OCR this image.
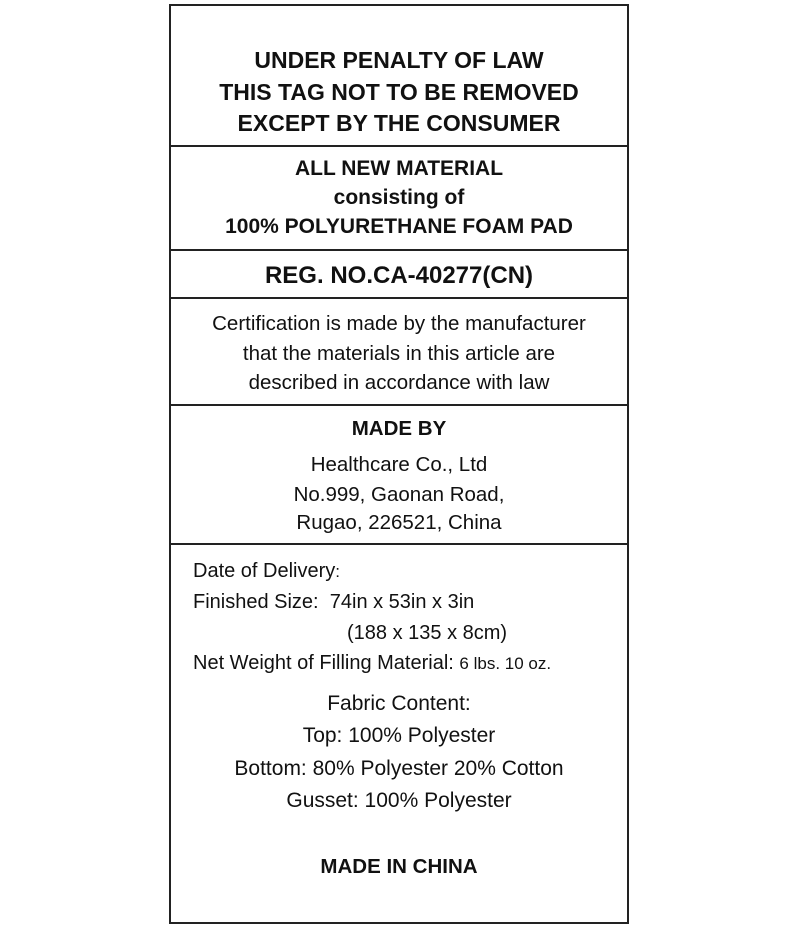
UNDER PENALTY OF LAW
THIS TAG NOT TO BE REMOVED
EXCEPT BY THE CONSUMER
ALL NEW MATERIAL
consisting of
100% POLYURETHANE FOAM PAD
REG. NO.CA-40277(CN)
Certification is made by the manufacturer
that the materials in this article are
described in accordance with law
MADE BY
Healthcare Co., Ltd
No.999, Gaonan Road,
Rugao, 226521, China
Date of Delivery:
Finished Size: 74in x 53in x 3in
(188 x 135 x 8cm)
Net Weight of Filling Material: 6 lbs. 10 oz.
Fabric Content:
Top: 100% Polyester
Bottom: 80% Polyester 20% Cotton
Gusset: 100% Polyester
MADE IN CHINA
